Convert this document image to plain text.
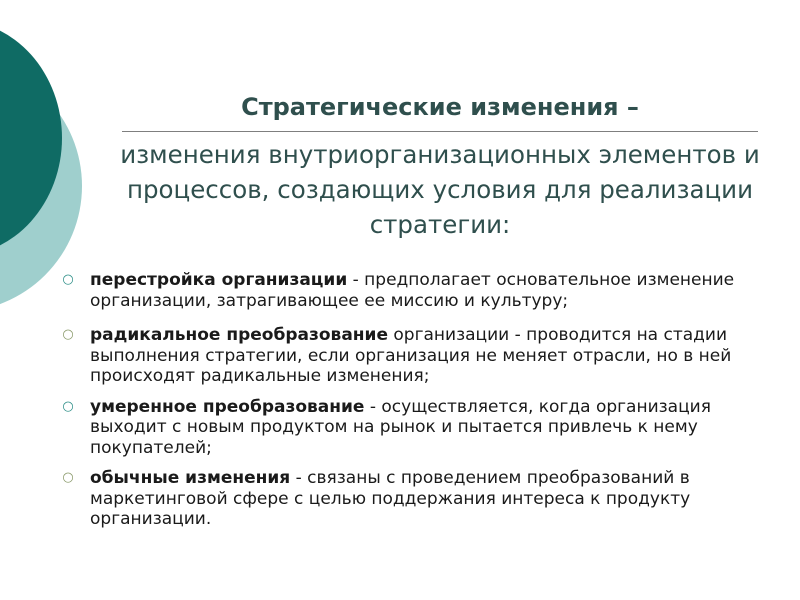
Стратегические изменения –
изменения внутриорганизационных элементов и процессов, создающих условия для реализации стратегии:
○ перестройка организации - предполагает основательное изменение организации, затрагивающее ее миссию и культуру;
○ радикальное преобразование организации - проводится на стадии выполнения стратегии, если организация не меняет отрасли, но в ней происходят радикальные изменения;
○ умеренное преобразование - осуществляется, когда организация выходит с новым продуктом на рынок и пытается привлечь к нему покупателей;
○ обычные изменения - связаны с проведением преобразований в маркетинговой сфере с целью поддержания интереса к продукту организации.
